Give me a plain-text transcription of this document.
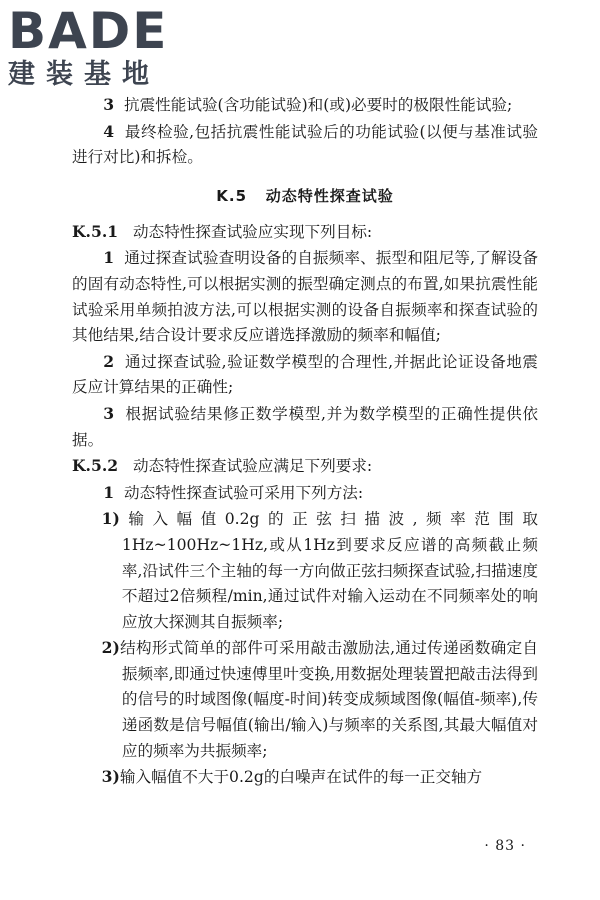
BADE
建装基地

3 抗震性能试验(含功能试验)和(或)必要时的极限性能试验;

4 最终检验,包括抗震性能试验后的功能试验(以便与基准试验进行对比)和拆检。

K.5 动态特性探查试验

K.5.1 动态特性探查试验应实现下列目标:

1 通过探查试验查明设备的自振频率、振型和阻尼等,了解设备的固有动态特性,可以根据实测的振型确定测点的布置,如果抗震性能试验采用单频拍波方法,可以根据实测的设备自振频率和探查试验的其他结果,结合设计要求反应谱选择激励的频率和幅值;

2 通过探查试验,验证数学模型的合理性,并据此论证设备地震反应计算结果的正确性;

3 根据试验结果修正数学模型,并为数学模型的正确性提供依据。

K.5.2 动态特性探查试验应满足下列要求:

1 动态特性探查试验可采用下列方法:

1)输入幅值0.2g的正弦扫描波,频率范围取1Hz~100Hz~1Hz,或从1Hz到要求反应谱的高频截止频率,沿试件三个主轴的每一方向做正弦扫频探查试验,扫描速度不超过2倍频程/min,通过试件对输入运动在不同频率处的响应放大探测其自振频率;

2)结构形式简单的部件可采用敲击激励法,通过传递函数确定自振频率,即通过快速傅里叶变换,用数据处理装置把敲击法得到的信号的时域图像(幅度-时间)转变成频域图像(幅值-频率),传递函数是信号幅值(输出/输入)与频率的关系图,其最大幅值对应的频率为共振频率;

3)输入幅值不大于0.2g的白噪声在试件的每一正交轴方

· 83 ·
